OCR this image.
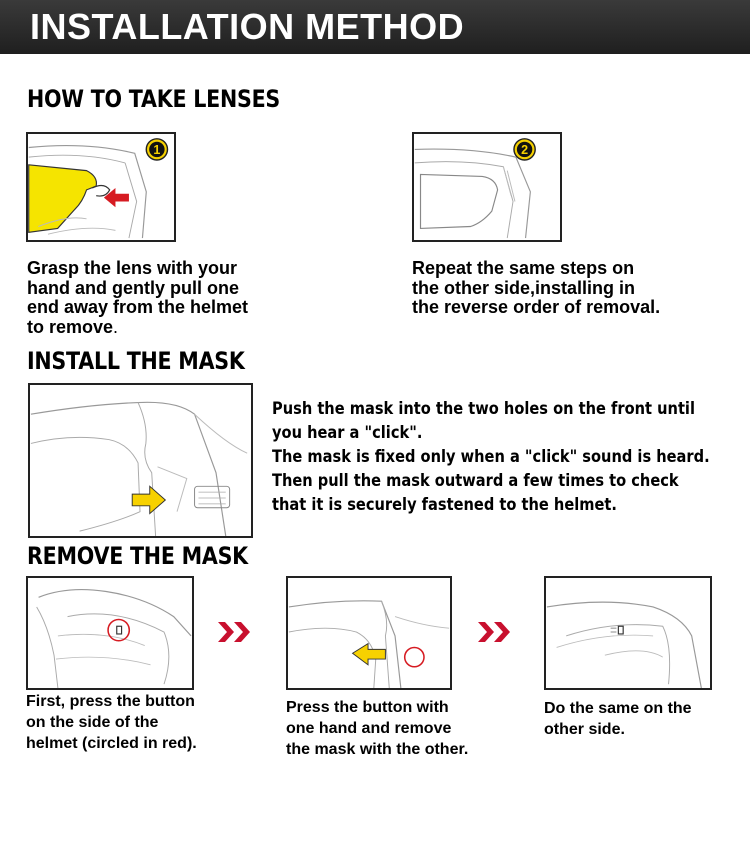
INSTALLATION METHOD
HOW TO TAKE LENSES
1	2
Grasp the lens with your
hand and gently pull one
end away from the helmet
to remove.
Repeat the same steps on
the other side,installing in
the reverse order of removal.
INSTALL THE MASK
Push the mask into the two holes on the front until
you hear a "click".
The mask is fixed only when a "click" sound is heard.
Then pull the mask outward a few times to check
that it is securely fastened to the helmet.
REMOVE THE MASK
First, press the button
on the side of the
helmet (circled in red).
Press the button with
one hand and remove
the mask with the other.
Do the same on the
other side.
